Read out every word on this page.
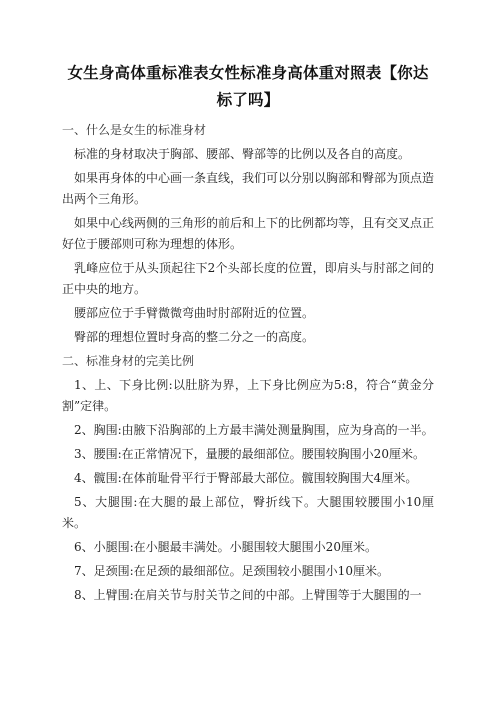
女生身高体重标准表女性标准身高体重对照表【你达标了吗】
一、什么是女生的标准身材

标准的身材取决于胸部、腰部、臀部等的比例以及各自的高度。

如果再身体的中心画一条直线，我们可以分别以胸部和臀部为顶点造出两个三角形。

如果中心线两侧的三角形的前后和上下的比例都均等，且有交叉点正好位于腰部则可称为理想的体形。

乳峰应位于从头顶起往下2个头部长度的位置，即肩头与肘部之间的正中央的地方。

腰部应位于手臂微微弯曲时肘部附近的位置。

臀部的理想位置时身高的整二分之一的高度。

二、标准身材的完美比例

1、上、下身比例:以肚脐为界，上下身比例应为5:8，符合“黄金分割”定律。

2、胸围:由腋下沿胸部的上方最丰满处测量胸围，应为身高的一半。

3、腰围:在正常情况下，量腰的最细部位。腰围较胸围小20厘米。

4、髋围:在体前耻骨平行于臀部最大部位。髋围较胸围大4厘米。

5、大腿围:在大腿的最上部位，臀折线下。大腿围较腰围小10厘米。

6、小腿围:在小腿最丰满处。小腿围较大腿围小20厘米。

7、足颈围:在足颈的最细部位。足颈围较小腿围小10厘米。

8、上臂围:在肩关节与肘关节之间的中部。上臂围等于大腿围的一
